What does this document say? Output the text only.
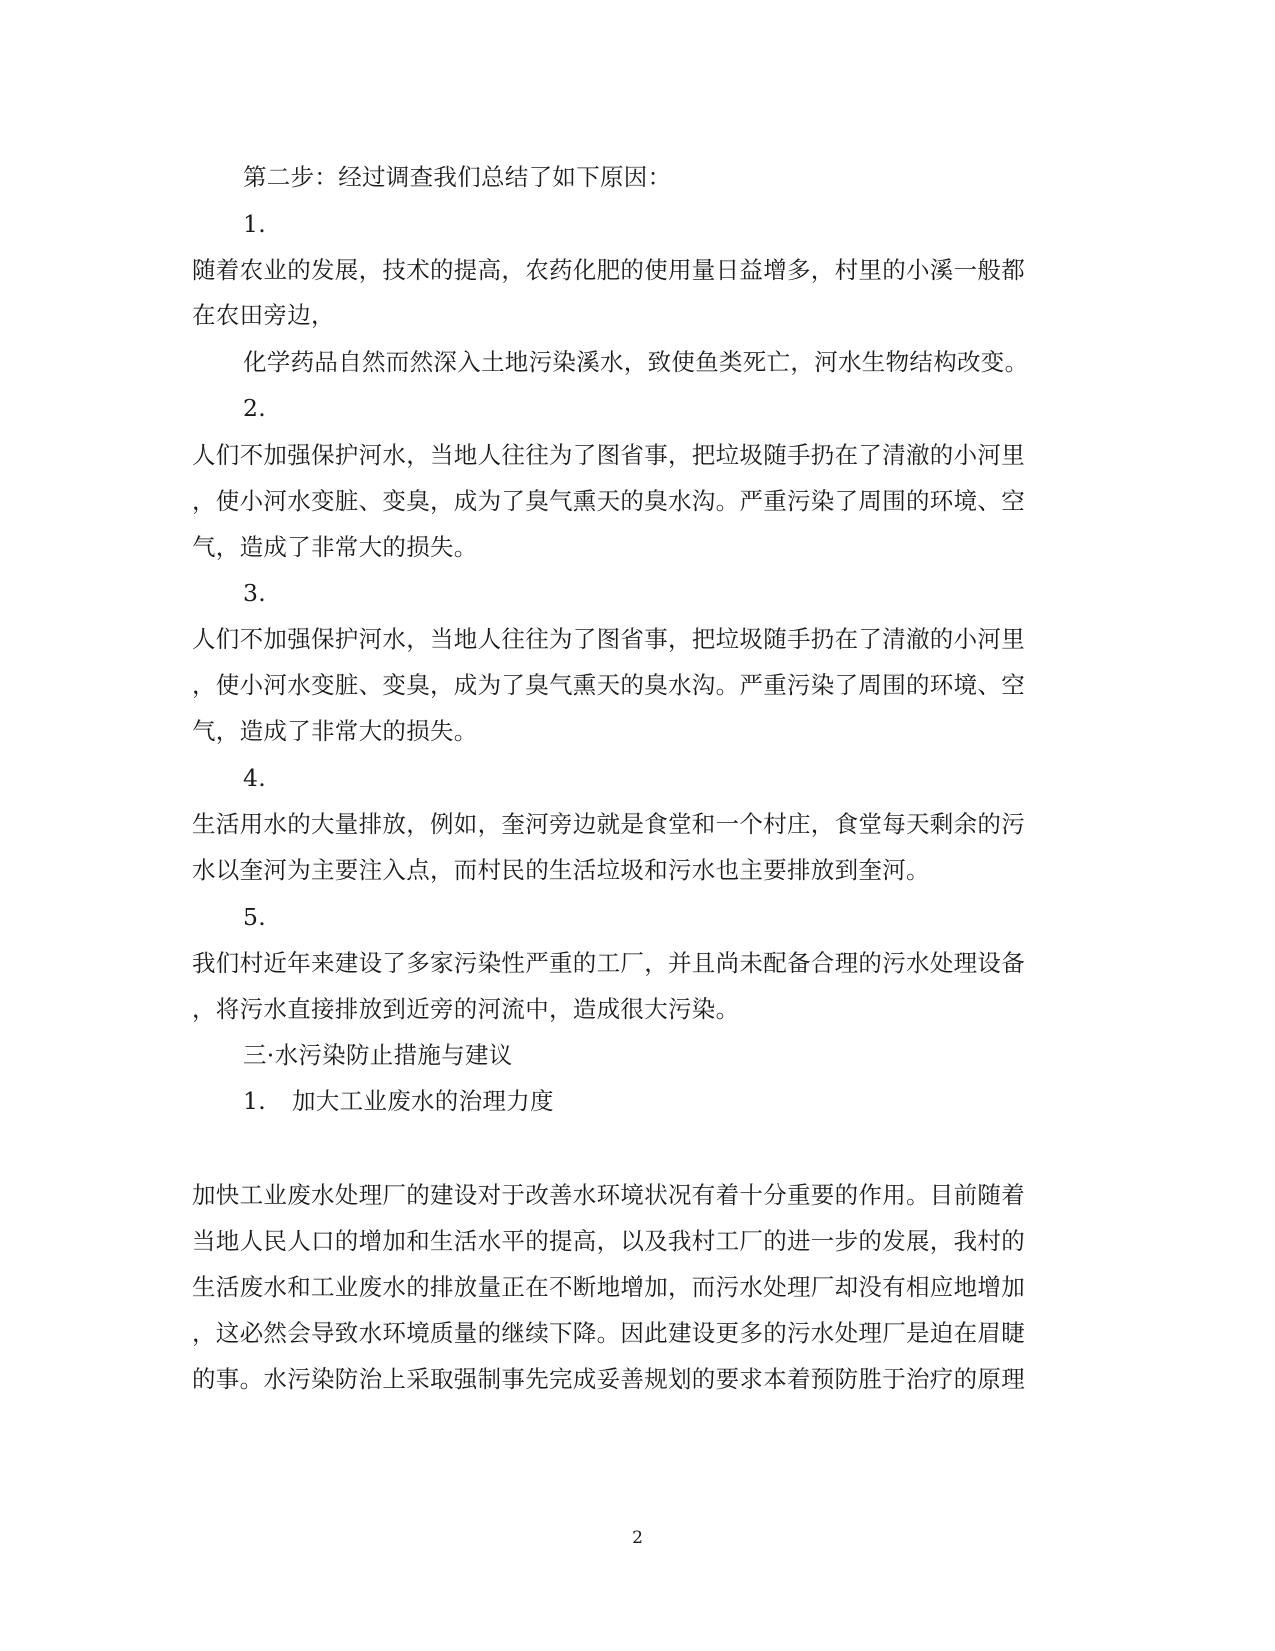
第二步：经过调查我们总结了如下原因：
1.
随着农业的发展，技术的提高，农药化肥的使用量日益增多，村里的小溪一般都
在农田旁边，
化学药品自然而然深入土地污染溪水，致使鱼类死亡，河水生物结构改变。
2.
人们不加强保护河水，当地人往往为了图省事，把垃圾随手扔在了清澈的小河里
，使小河水变脏、变臭，成为了臭气熏天的臭水沟。严重污染了周围的环境、空
气，造成了非常大的损失。
3.
人们不加强保护河水，当地人往往为了图省事，把垃圾随手扔在了清澈的小河里
，使小河水变脏、变臭，成为了臭气熏天的臭水沟。严重污染了周围的环境、空
气，造成了非常大的损失。
4.
生活用水的大量排放，例如，奎河旁边就是食堂和一个村庄，食堂每天剩余的污
水以奎河为主要注入点，而村民的生活垃圾和污水也主要排放到奎河。
5.
我们村近年来建设了多家污染性严重的工厂，并且尚未配备合理的污水处理设备
，将污水直接排放到近旁的河流中，造成很大污染。
三·水污染防止措施与建议
1. 加大工业废水的治理力度
加快工业废水处理厂的建设对于改善水环境状况有着十分重要的作用。目前随着
当地人民人口的增加和生活水平的提高，以及我村工厂的进一步的发展，我村的
生活废水和工业废水的排放量正在不断地增加，而污水处理厂却没有相应地增加
，这必然会导致水环境质量的继续下降。因此建设更多的污水处理厂是迫在眉睫
的事。水污染防治上采取强制事先完成妥善规划的要求本着预防胜于治疗的原理
2
